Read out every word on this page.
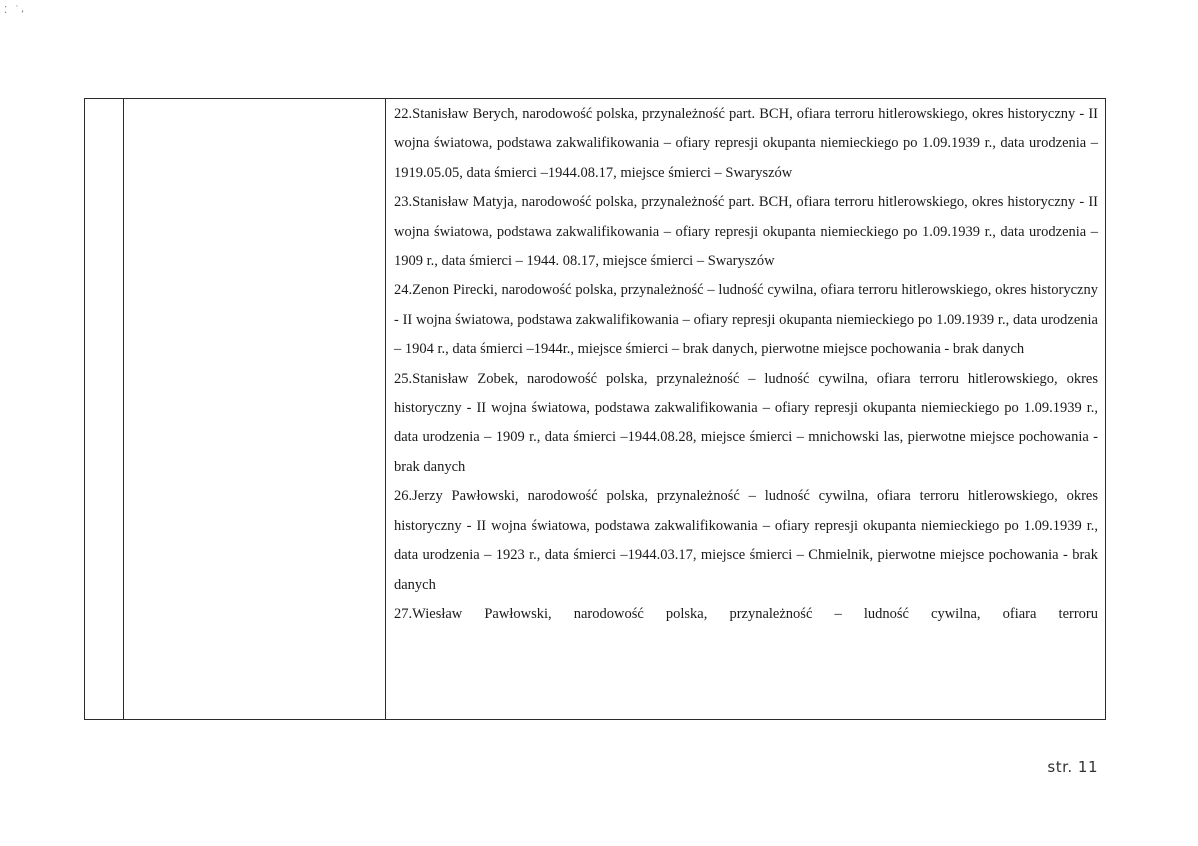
⁚ ˙⸴

22.Stanisław Berych, narodowość polska, przynależność part. BCH, ofiara terroru hitlerowskiego, okres historyczny - II wojna światowa, podstawa zakwalifikowania – ofiary represji okupanta niemieckiego po 1.09.1939 r., data urodzenia –1919.05.05, data śmierci –1944.08.17, miejsce śmierci – Swaryszów

23.Stanisław Matyja, narodowość polska, przynależność part. BCH, ofiara terroru hitlerowskiego, okres historyczny - II wojna światowa, podstawa zakwalifikowania – ofiary represji okupanta niemieckiego po 1.09.1939 r., data urodzenia –1909 r., data śmierci – 1944. 08.17, miejsce śmierci – Swaryszów

24.Zenon Pirecki, narodowość polska, przynależność – ludność cywilna, ofiara terroru hitlerowskiego, okres historyczny - II wojna światowa, podstawa zakwalifikowania – ofiary represji okupanta niemieckiego po 1.09.1939 r., data urodzenia – 1904 r., data śmierci –1944r., miejsce śmierci – brak danych, pierwotne miejsce pochowania - brak danych

25.Stanisław Zobek, narodowość polska, przynależność – ludność cywilna, ofiara terroru hitlerowskiego, okres historyczny - II wojna światowa, podstawa zakwalifikowania – ofiary represji okupanta niemieckiego po 1.09.1939 r., data urodzenia – 1909 r., data śmierci –1944.08.28, miejsce śmierci – mnichowski las, pierwotne miejsce pochowania - brak danych

26.Jerzy Pawłowski, narodowość polska, przynależność – ludność cywilna, ofiara terroru hitlerowskiego, okres historyczny - II wojna światowa, podstawa zakwalifikowania – ofiary represji okupanta niemieckiego po 1.09.1939 r., data urodzenia – 1923 r., data śmierci –1944.03.17, miejsce śmierci – Chmielnik, pierwotne miejsce pochowania - brak danych

27.Wiesław Pawłowski, narodowość polska, przynależność – ludność cywilna, ofiara terroru

str. 11
